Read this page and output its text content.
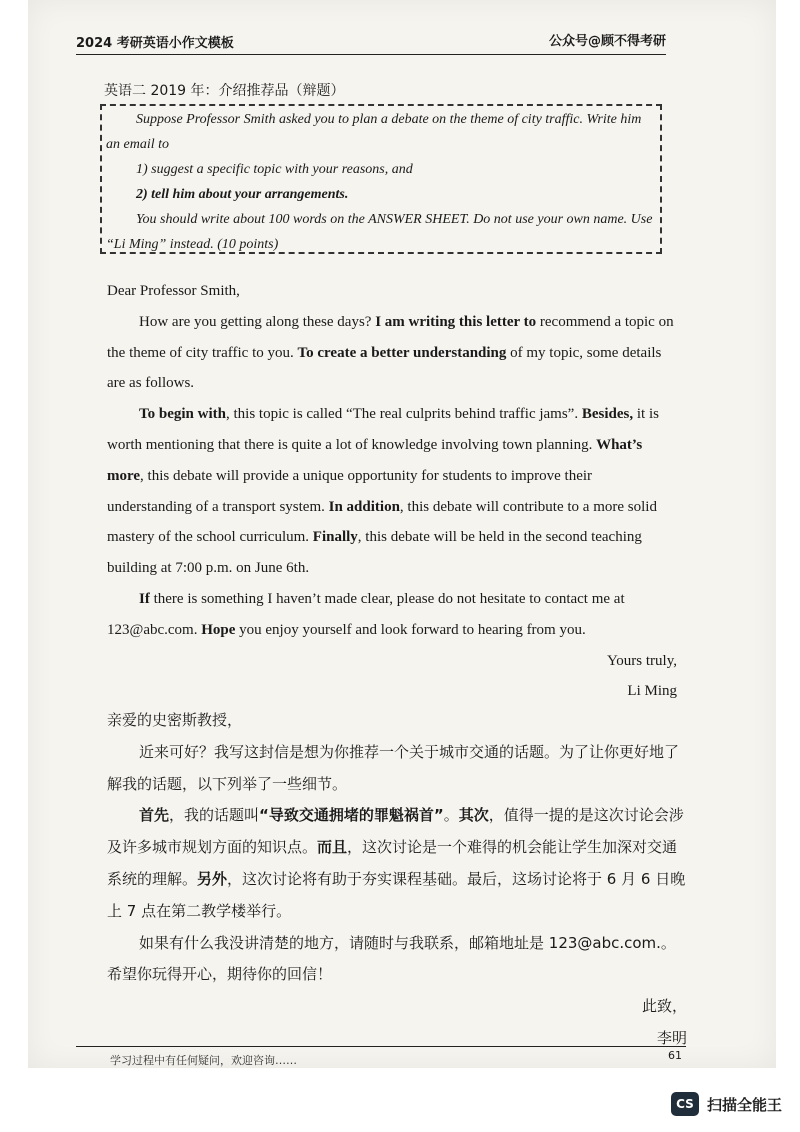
2024 考研英语小作文模板	公众号@顾不得考研
英语二 2019 年：介绍推荐品（辩题）

Suppose Professor Smith asked you to plan a debate on the theme of city traffic. Write him an email to

1) suggest a specific topic with your reasons, and

2) tell him about your arrangements.

You should write about 100 words on the ANSWER SHEET. Do not use your own name. Use “Li Ming” instead. (10 points)

Dear Professor Smith,

How are you getting along these days? I am writing this letter to recommend a topic on the theme of city traffic to you. To create a better understanding of my topic, some details are as follows.

To begin with, this topic is called “The real culprits behind traffic jams”. Besides, it is worth mentioning that there is quite a lot of knowledge involving town planning. What’s more, this debate will provide a unique opportunity for students to improve their understanding of a transport system. In addition, this debate will contribute to a more solid mastery of the school curriculum. Finally, this debate will be held in the second teaching building at 7:00 p.m. on June 6th.

If there is something I haven’t made clear, please do not hesitate to contact me at 123@abc.com. Hope you enjoy yourself and look forward to hearing from you.

Yours truly,

Li Ming

亲爱的史密斯教授，

近来可好？我写这封信是想为你推荐一个关于城市交通的话题。为了让你更好地了解我的话题，以下列举了一些细节。

首先，我的话题叫“导致交通拥堵的罪魁祸首”。其次，值得一提的是这次讨论会涉及许多城市规划方面的知识点。而且，这次讨论是一个难得的机会能让学生加深对交通系统的理解。另外，这次讨论将有助于夯实课程基础。最后，这场讨论将于 6 月 6 日晚上 7 点在第二教学楼举行。

如果有什么我没讲清楚的地方，请随时与我联系，邮箱地址是 123@abc.com.。希望你玩得开心，期待你的回信！

此致，

李明

学习过程中有任何疑问，欢迎咨询……	61
CS 扫描全能王
